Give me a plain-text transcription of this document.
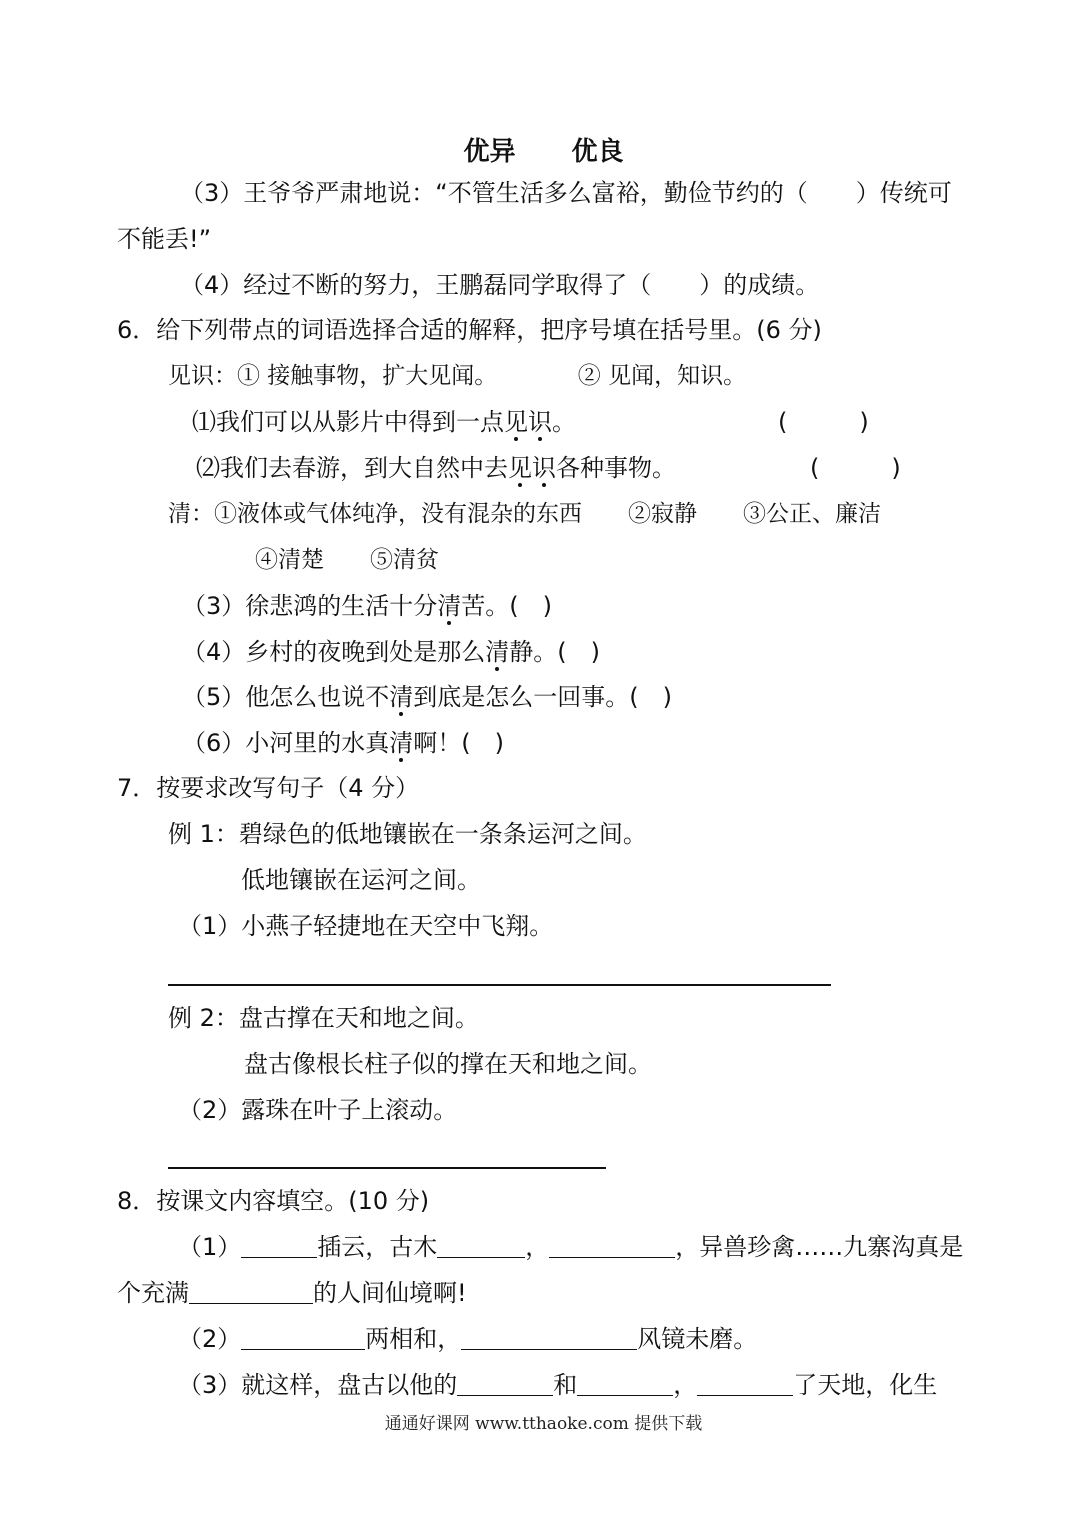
优异 优良
（3）王爷爷严肃地说：“不管生活多么富裕，勤俭节约的（　　）传统可
不能丢!”
（4）经过不断的努力，王鹏磊同学取得了（　　）的成绩。
6．给下列带点的词语选择合适的解释，把序号填在括号里。(6 分)
见识：① 接触事物，扩大见闻。　　　　② 见闻，知识。
⑴我们可以从影片中得到一点见识。	(　　　)
⑵我们去春游，到大自然中去见识各种事物。	(　　　)
清：①液体或气体纯净，没有混杂的东西　　②寂静　　③公正、廉洁
④清楚　　⑤清贫
（3）徐悲鸿的生活十分清苦。(　)
（4）乡村的夜晚到处是那么清静。(　)
（5）他怎么也说不清到底是怎么一回事。(　)
（6）小河里的水真清啊！(　)
7．按要求改写句子（4 分）
例 1：碧绿色的低地镶嵌在一条条运河之间。
低地镶嵌在运河之间。
（1）小燕子轻捷地在天空中飞翔。
例 2：盘古撑在天和地之间。
盘古像根长柱子似的撑在天和地之间。
（2）露珠在叶子上滚动。
8．按课文内容填空。(10 分)
（1）	插云，古木	，	，异兽珍禽……九寨沟真是
个充满	的人间仙境啊!
（2）	两相和，	风镜未磨。
（3）就这样，盘古以他的	和	，	了天地，化生
通通好课网 www.tthaoke.com 提供下载
